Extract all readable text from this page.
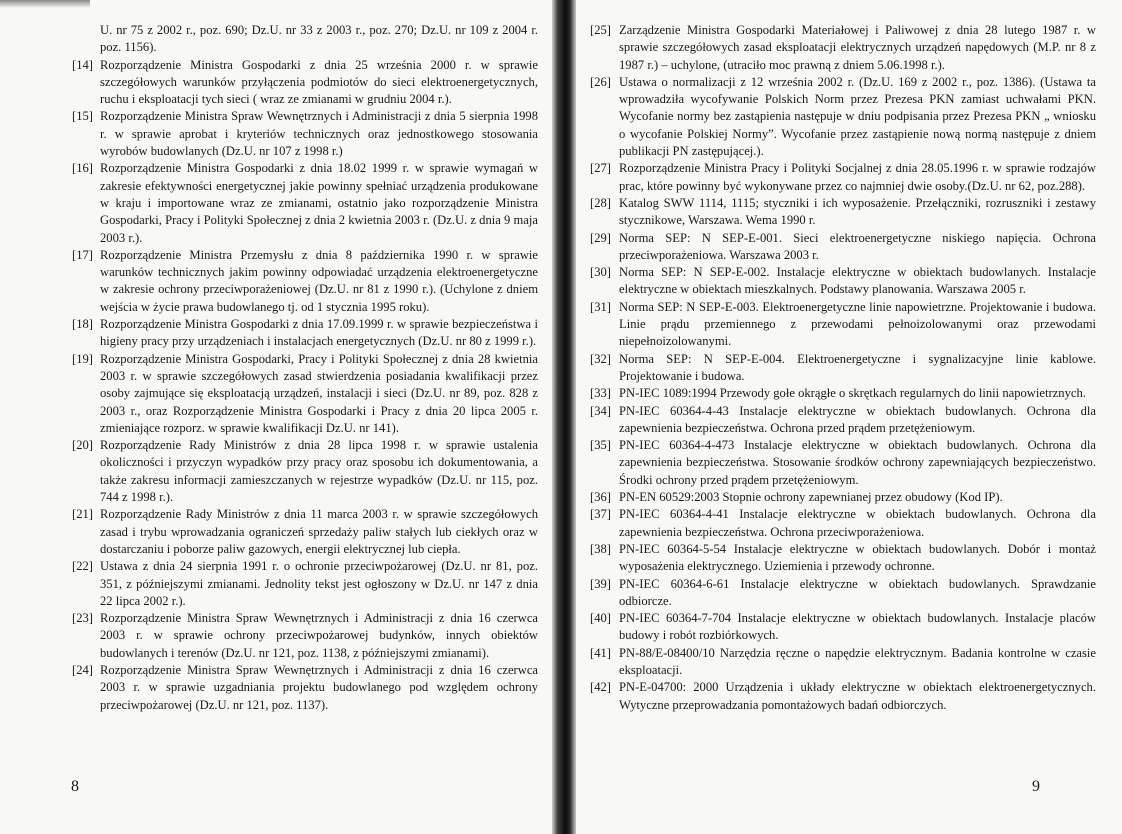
U. nr 75 z 2002 r., poz. 690; Dz.U. nr 33 z 2003 r., poz. 270; Dz.U. nr 109 z 2004 r. poz. 1156).

[14] Rozporządzenie Ministra Gospodarki z dnia 25 września 2000 r. w sprawie szczegółowych warunków przyłączenia podmiotów do sieci elektroenergetycznych, ruchu i eksploatacji tych sieci ( wraz ze zmianami w grudniu 2004 r.).

[15] Rozporządzenie Ministra Spraw Wewnętrznych i Administracji z dnia 5 sierpnia 1998 r. w sprawie aprobat i kryteriów technicznych oraz jednostkowego stosowania wyrobów budowlanych (Dz.U. nr 107 z 1998 r.)

[16] Rozporządzenie Ministra Gospodarki z dnia 18.02 1999 r. w sprawie wymagań w zakresie efektywności energetycznej jakie powinny spełniać urządzenia produkowane w kraju i importowane wraz ze zmianami, ostatnio jako rozporządzenie Ministra Gospodarki, Pracy i Polityki Społecznej z dnia 2 kwietnia 2003 r. (Dz.U. z dnia 9 maja 2003 r.).

[17] Rozporządzenie Ministra Przemysłu z dnia 8 października 1990 r. w sprawie warunków technicznych jakim powinny odpowiadać urządzenia elektroenergetyczne w zakresie ochrony przeciwporażeniowej (Dz.U. nr 81 z 1990 r.). (Uchylone z dniem wejścia w życie prawa budowlanego tj. od 1 stycznia 1995 roku).

[18] Rozporządzenie Ministra Gospodarki z dnia 17.09.1999 r. w sprawie bezpieczeństwa i higieny pracy przy urządzeniach i instalacjach energetycznych (Dz.U. nr 80 z 1999 r.).

[19] Rozporządzenie Ministra Gospodarki, Pracy i Polityki Społecznej z dnia 28 kwietnia 2003 r. w sprawie szczegółowych zasad stwierdzenia posiadania kwalifikacji przez osoby zajmujące się eksploatacją urządzeń, instalacji i sieci (Dz.U. nr 89, poz. 828 z 2003 r., oraz Rozporządzenie Ministra Gospodarki i Pracy z dnia 20 lipca 2005 r. zmieniające rozporz. w sprawie kwalifikacji Dz.U. nr 141).

[20] Rozporządzenie Rady Ministrów z dnia 28 lipca 1998 r. w sprawie ustalenia okoliczności i przyczyn wypadków przy pracy oraz sposobu ich dokumentowania, a także zakresu informacji zamieszczanych w rejestrze wypadków (Dz.U. nr 115, poz. 744 z 1998 r.).

[21] Rozporządzenie Rady Ministrów z dnia 11 marca 2003 r. w sprawie szczegółowych zasad i trybu wprowadzania ograniczeń sprzedaży paliw stałych lub ciekłych oraz w dostarczaniu i poborze paliw gazowych, energii elektrycznej lub ciepła.

[22] Ustawa z dnia 24 sierpnia 1991 r. o ochronie przeciwpożarowej (Dz.U. nr 81, poz. 351, z późniejszymi zmianami. Jednolity tekst jest ogłoszony w Dz.U. nr 147 z dnia 22 lipca 2002 r.).

[23] Rozporządzenie Ministra Spraw Wewnętrznych i Administracji z dnia 16 czerwca 2003 r. w sprawie ochrony przeciwpożarowej budynków, innych obiektów budowlanych i terenów (Dz.U. nr 121, poz. 1138, z późniejszymi zmianami).

[24] Rozporządzenie Ministra Spraw Wewnętrznych i Administracji z dnia 16 czerwca 2003 r. w sprawie uzgadniania projektu budowlanego pod względem ochrony przeciwpożarowej (Dz.U. nr 121, poz. 1137).

8

[25] Zarządzenie Ministra Gospodarki Materiałowej i Paliwowej z dnia 28 lutego 1987 r. w sprawie szczegółowych zasad eksploatacji elektrycznych urządzeń napędowych (M.P. nr 8 z 1987 r.) – uchylone, (utraciło moc prawną z dniem 5.06.1998 r.).

[26] Ustawa o normalizacji z 12 września 2002 r. (Dz.U. 169 z 2002 r., poz. 1386). (Ustawa ta wprowadziła wycofywanie Polskich Norm przez Prezesa PKN zamiast uchwałami PKN. Wycofanie normy bez zastąpienia następuje w dniu podpisania przez Prezesa PKN „ wniosku o wycofanie Polskiej Normy”. Wycofanie przez zastąpienie nową normą następuje z dniem publikacji PN zastępującej.).

[27] Rozporządzenie Ministra Pracy i Polityki Socjalnej z dnia 28.05.1996 r. w sprawie rodzajów prac, które powinny być wykonywane przez co najmniej dwie osoby.(Dz.U. nr 62, poz.288).

[28] Katalog SWW 1114, 1115; styczniki i ich wyposażenie. Przełączniki, rozruszniki i zestawy stycznikowe, Warszawa. Wema 1990 r.

[29] Norma SEP: N SEP-E-001. Sieci elektroenergetyczne niskiego napięcia. Ochrona przeciwporażeniowa. Warszawa 2003 r.

[30] Norma SEP: N SEP-E-002. Instalacje elektryczne w obiektach budowlanych. Instalacje elektryczne w obiektach mieszkalnych. Podstawy planowania. Warszawa 2005 r.

[31] Norma SEP: N SEP-E-003. Elektroenergetyczne linie napowietrzne. Projektowanie i budowa. Linie prądu przemiennego z przewodami pełnoizolowanymi oraz przewodami niepełnoizolowanymi.

[32] Norma SEP: N SEP-E-004. Elektroenergetyczne i sygnalizacyjne linie kablowe. Projektowanie i budowa.

[33] PN-IEC 1089:1994 Przewody gołe okrągłe o skrętkach regularnych do linii napowietrznych.

[34] PN-IEC 60364-4-43 Instalacje elektryczne w obiektach budowlanych. Ochrona dla zapewnienia bezpieczeństwa. Ochrona przed prądem przetężeniowym.

[35] PN-IEC 60364-4-473 Instalacje elektryczne w obiektach budowlanych. Ochrona dla zapewnienia bezpieczeństwa. Stosowanie środków ochrony zapewniających bezpieczeństwo. Środki ochrony przed prądem przetężeniowym.

[36] PN-EN 60529:2003 Stopnie ochrony zapewnianej przez obudowy (Kod IP).

[37] PN-IEC 60364-4-41 Instalacje elektryczne w obiektach budowlanych. Ochrona dla zapewnienia bezpieczeństwa. Ochrona przeciwporażeniowa.

[38] PN-IEC 60364-5-54 Instalacje elektryczne w obiektach budowlanych. Dobór i montaż wyposażenia elektrycznego. Uziemienia i przewody ochronne.

[39] PN-IEC 60364-6-61 Instalacje elektryczne w obiektach budowlanych. Sprawdzanie odbiorcze.

[40] PN-IEC 60364-7-704 Instalacje elektryczne w obiektach budowlanych. Instalacje placów budowy i robót rozbiórkowych.

[41] PN-88/E-08400/10 Narzędzia ręczne o napędzie elektrycznym. Badania kontrolne w czasie eksploatacji.

[42] PN-E-04700: 2000 Urządzenia i układy elektryczne w obiektach elektroenergetycznych. Wytyczne przeprowadzania pomontażowych badań odbiorczych.

9
